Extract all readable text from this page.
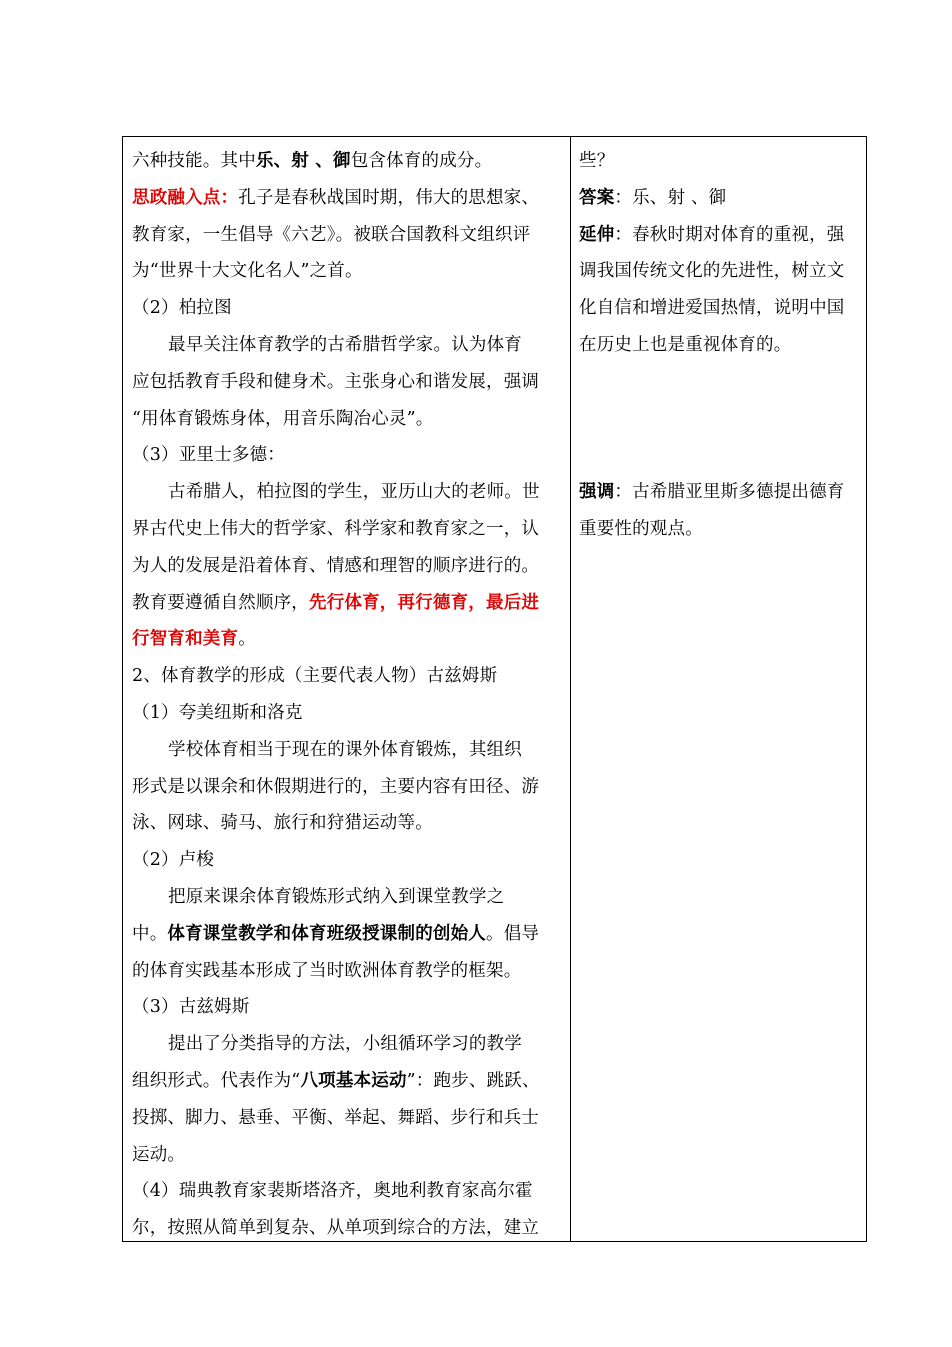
六种技能。其中乐、射 、御包含体育的成分。
思政融入点：孔子是春秋战国时期，伟大的思想家、
教育家，一生倡导《六艺》。被联合国教科文组织评
为“世界十大文化名人”之首。
（2）柏拉图
最早关注体育教学的古希腊哲学家。认为体育
应包括教育手段和健身术。主张身心和谐发展，强调
“用体育锻炼身体，用音乐陶冶心灵”。
（3）亚里士多德：
古希腊人，柏拉图的学生，亚历山大的老师。世
界古代史上伟大的哲学家、科学家和教育家之一，认
为人的发展是沿着体育、情感和理智的顺序进行的。
教育要遵循自然顺序，先行体育，再行德育，最后进
行智育和美育。
2、体育教学的形成（主要代表人物）古兹姆斯
（1）夸美纽斯和洛克
学校体育相当于现在的课外体育锻炼，其组织
形式是以课余和休假期进行的，主要内容有田径、游
泳、网球、骑马、旅行和狩猎运动等。
（2）卢梭
把原来课余体育锻炼形式纳入到课堂教学之
中。体育课堂教学和体育班级授课制的创始人。倡导
的体育实践基本形成了当时欧洲体育教学的框架。
（3）古兹姆斯
提出了分类指导的方法，小组循环学习的教学
组织形式。代表作为“八项基本运动”：跑步、跳跃、
投掷、脚力、悬垂、平衡、举起、舞蹈、步行和兵士
运动。
（4）瑞典教育家裴斯塔洛齐，奥地利教育家高尔霍
尔，按照从简单到复杂、从单项到综合的方法，建立
些？
答案：乐、射 、御
延伸：春秋时期对体育的重视，强
调我国传统文化的先进性，树立文
化自信和增进爱国热情，说明中国
在历史上也是重视体育的。
强调：古希腊亚里斯多德提出德育
重要性的观点。
